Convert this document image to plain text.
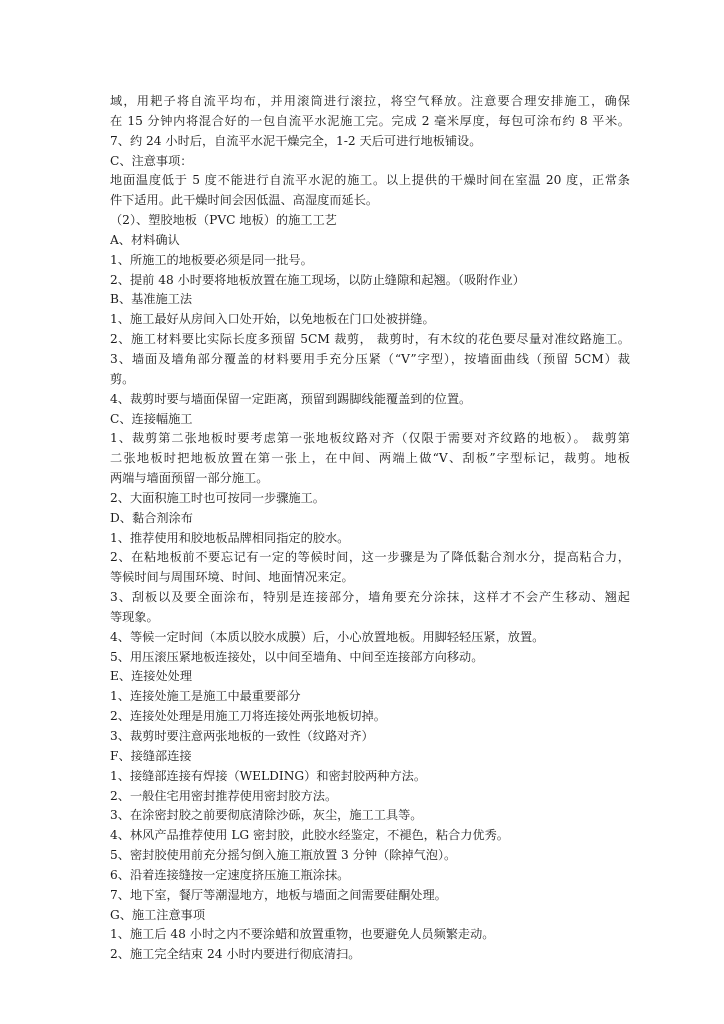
域，用耙子将自流平均布，并用滚筒进行滚拉，将空气释放。注意要合理安排施工，确保
在 15 分钟内将混合好的一包自流平水泥施工完。完成 2 毫米厚度，每包可涂布约 8 平米。
7、约 24 小时后，自流平水泥干燥完全，1-2 天后可进行地板铺设。
C、注意事项：
地面温度低于 5 度不能进行自流平水泥的施工。以上提供的干燥时间在室温 20 度，正常条
件下适用。此干燥时间会因低温、高湿度而延长。
（2）、塑胶地板（PVC 地板）的施工工艺
A、材料确认
1、所施工的地板要必须是同一批号。
2、提前 48 小时要将地板放置在施工现场，以防止缝隙和起翘。（吸附作业）
B、基准施工法
1、施工最好从房间入口处开始，以免地板在门口处被拼缝。
2、施工材料要比实际长度多预留 5CM 裁剪， 裁剪时，有木纹的花色要尽量对准纹路施工。
3、墙面及墙角部分覆盖的材料要用手充分压紧（“V”字型），按墙面曲线（预留 5CM）裁
剪。
4、裁剪时要与墙面保留一定距离，预留到踢脚线能覆盖到的位置。
C、连接幅施工
1、裁剪第二张地板时要考虑第一张地板纹路对齐（仅限于需要对齐纹路的地板）。 裁剪第
二张地板时把地板放置在第一张上，在中间、两端上做“V、刮板”字型标记，裁剪。地板
两端与墙面预留一部分施工。
2、大面积施工时也可按同一步骤施工。
D、黏合剂涂布
1、推荐使用和胶地板品牌相同指定的胶水。
2、在粘地板前不要忘记有一定的等候时间，这一步骤是为了降低黏合剂水分，提高粘合力，
等候时间与周围环境、时间、地面情况来定。
3、刮板以及要全面涂布，特别是连接部分，墙角要充分涂抹，这样才不会产生移动、翘起
等现象。
4、等候一定时间（本质以胶水成膜）后，小心放置地板。用脚轻轻压紧，放置。
5、用压滚压紧地板连接处，以中间至墙角、中间至连接部方向移动。
E、连接处处理
1、连接处施工是施工中最重要部分
2、连接处处理是用施工刀将连接处两张地板切掉。
3、裁剪时要注意两张地板的一致性（纹路对齐）
F、接缝部连接
1、接缝部连接有焊接（WELDING）和密封胶两种方法。
2、一般住宅用密封推荐使用密封胶方法。
3、在涂密封胶之前要彻底清除沙砾，灰尘，施工工具等。
4、林风产品推荐使用 LG 密封胶，此胶水经鉴定，不褪色，粘合力优秀。
5、密封胶使用前充分摇匀倒入施工瓶放置 3 分钟（除掉气泡）。
6、沿着连接缝按一定速度挤压施工瓶涂抹。
7、地下室，餐厅等潮湿地方，地板与墙面之间需要硅酮处理。
G、施工注意事项
1、施工后 48 小时之内不要涂蜡和放置重物，也要避免人员频繁走动。
2、施工完全结束 24 小时内要进行彻底清扫。
